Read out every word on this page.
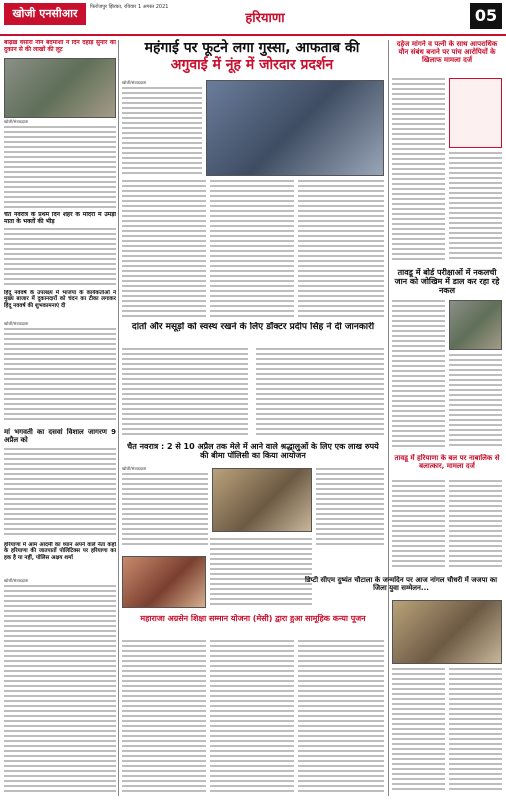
खोजी एनसीआर	फिरोजपुर झिरका, रविवार 1 अगस्त 2021
हरियाणा	05
बाढ़ख़ वसारा नीन बदमाशों ने दिन दहाड़े सुनार की दुकान से की लाखों की लूट
खोजी/संवाददाता
चैत नवरात्र के प्रथम दिन शहर के मंदिरों में उमड़ी माता के भक्तों की भीड़
हिंदू नववर्ष के उपलक्ष्य में भाजपा के कार्यकर्ताओं ने मुख्य बाजार में दुकानदारों को चंदन का टीका लगाकर हिंदू नववर्ष की शुभकामनाएं दी
खोजी/संवाददाता
मां भगवती का दसवां विशाल जागरण 9 अप्रैल को
हरियाणा में आम आदमी का ध्यान अपने वाले नेता कहाँ के हरियाणा की जातपातों पोलिटिक्स पर हरियाणा का हक है या नहीं, पोलिस अक्षय शर्मा
खोजी/संवाददाता
महंगाई पर फूटने लगा गुस्सा, आफताब की
अगुवाई में नूंह में जोरदार प्रदर्शन
खोजी/संवाददाता
दांतों और मसूड़ों को स्वस्थ रखने के लिए डॉक्टर प्रदीप सिंह ने दी जानकारी
चैत नवरात्र : 2 से 10 अप्रैल तक मेले में आने वाले श्रद्धालुओं के लिए एक लाख रुपये की बीमा पॉलिसी का किया आयोजन
खोजी/संवाददाता
महाराजा अग्रसेन शिक्षा सम्मान योजना (मेसी) द्वारा हुआ सामूहिक कन्या पूजन
दहेज मांगने व पत्नी के साथ आपराधिक यौन संबंध बनाने पर पांच आरोपियों के खिलाफ मामला दर्ज
तावडू में बोर्ड परीक्षाओं में नकलची जान को जोखिम में डाल कर रहा रहे नकल
तावडू में हरियाणा के बल पर नाबालिक से बलात्कार, मामला दर्ज
डिप्टी सीएम दुष्यंत चौटाला के जन्मदिन पर आज नांगल चौधरी में जजपा का जिला युवा सम्मेलन...
